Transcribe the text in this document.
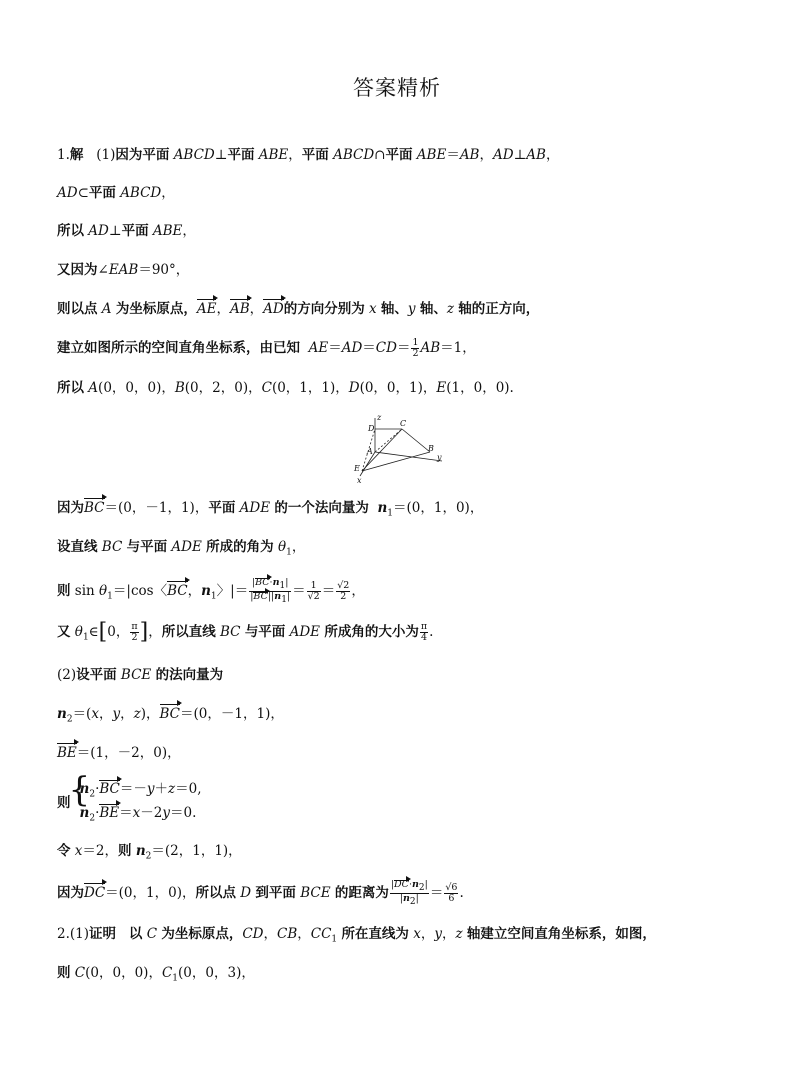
答案精析
1.解   (1)因为平面 ABCD⊥平面 ABE，平面 ABCD∩平面 ABE＝AB，AD⊥AB，
AD⊂平面 ABCD，
所以 AD⊥平面 ABE，
又因为∠EAB＝90°，
则以点 A 为坐标原点，AE，AB，AD的方向分别为 x 轴、y 轴、z 轴的正方向，
建立如图所示的空间直角坐标系，由已知 $AE=AD=CD= \frac{1}{2} AB=1$，
所以 A(0，0，0)，B(0，2，0)，C(0，1，1)，D(0，0，1)，E(1，0，0).
z
D
C
A	B
y
E
x
因为BC＝(0，－1，1)，平面 ADE 的一个法向量为 $n_1=(0$，1，0)，
设直线 BC 与平面 ADE 所成的角为 $\theta_1$，
则 $\sin \theta_1=|\cos$〈BC，$n_1$〉|＝ $\frac{|BC\cdot n_1|}{|BC||n_1|} = \frac{1}{√2} = \frac{√2}{2}$ ，
又 $\theta_1\in[0$， $\frac{\pi}{2}$ ]，所以直线 BC 与平面 ADE 所成角的大小为 $\frac{\pi}{4}$ .
(2)设平面 BCE 的法向量为
$n_2=(x$，y，z)，BC＝(0，－1，1)，
BE＝(1，－2，0)，
则
{ $n_2\cdot BC=-y+z=0$,
$n_2\cdot BE=x-2y=0$.
令 x＝2，则 $n_2=(2$，1，1)，
因为DC＝(0，1，0)，所以点 D 到平面 BCE 的距离为 $\frac{|DC\cdot n_2|}{|n_2|} = \frac{√6}{6}$ .
2.(1)证明 以 C 为坐标原点，CD，CB，$CC_1$ 所在直线为 x，y，z 轴建立空间直角坐标系，如图，
则 C(0，0，0)，$C_1(0$，0，3)，
